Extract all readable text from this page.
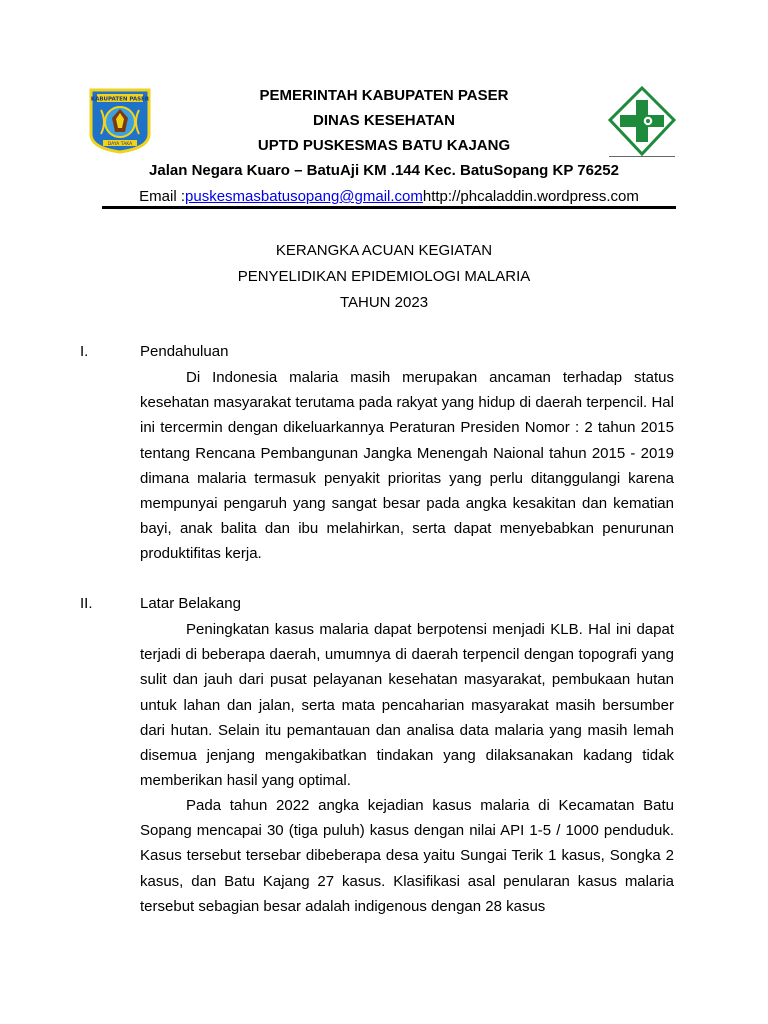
KABUPATEN PASER
DAYA TAKA
PEMERINTAH KABUPATEN PASER
DINAS KESEHATAN
UPTD PUSKESMAS BATU KAJANG
Jalan Negara Kuaro – BatuAji KM .144 Kec. BatuSopang KP 76252
Email :puskesmasbatusopang@gmail.comhttp://phcaladdin.wordpress.com
KERANGKA ACUAN KEGIATAN
PENYELIDIKAN EPIDEMIOLOGI MALARIA
TAHUN 2023
I.	Pendahuluan

Di Indonesia malaria masih merupakan ancaman terhadap status kesehatan masyarakat terutama pada rakyat yang hidup di daerah terpencil. Hal ini tercermin dengan dikeluarkannya Peraturan Presiden Nomor : 2 tahun 2015 tentang Rencana Pembangunan Jangka Menengah Naional tahun 2015 - 2019 dimana malaria termasuk penyakit prioritas yang perlu ditanggulangi karena mempunyai pengaruh yang sangat besar pada angka kesakitan dan kematian bayi, anak balita dan ibu melahirkan, serta dapat menyebabkan penurunan produktifitas kerja.

II.	Latar Belakang

Peningkatan kasus malaria dapat berpotensi menjadi KLB. Hal ini dapat terjadi di beberapa daerah, umumnya di daerah terpencil dengan topografi yang sulit dan jauh dari pusat pelayanan kesehatan masyarakat, pembukaan hutan untuk lahan dan jalan, serta mata pencaharian masyarakat masih bersumber dari hutan. Selain itu pemantauan dan analisa data malaria yang masih lemah disemua jenjang mengakibatkan tindakan yang dilaksanakan kadang tidak memberikan hasil yang optimal.

Pada tahun 2022 angka kejadian kasus malaria di Kecamatan Batu Sopang mencapai 30 (tiga puluh) kasus dengan nilai API 1-5 / 1000 penduduk. Kasus tersebut tersebar dibeberapa desa yaitu Sungai Terik 1 kasus, Songka 2 kasus, dan Batu Kajang 27 kasus. Klasifikasi asal penularan kasus malaria tersebut sebagian besar adalah indigenous dengan 28 kasus
